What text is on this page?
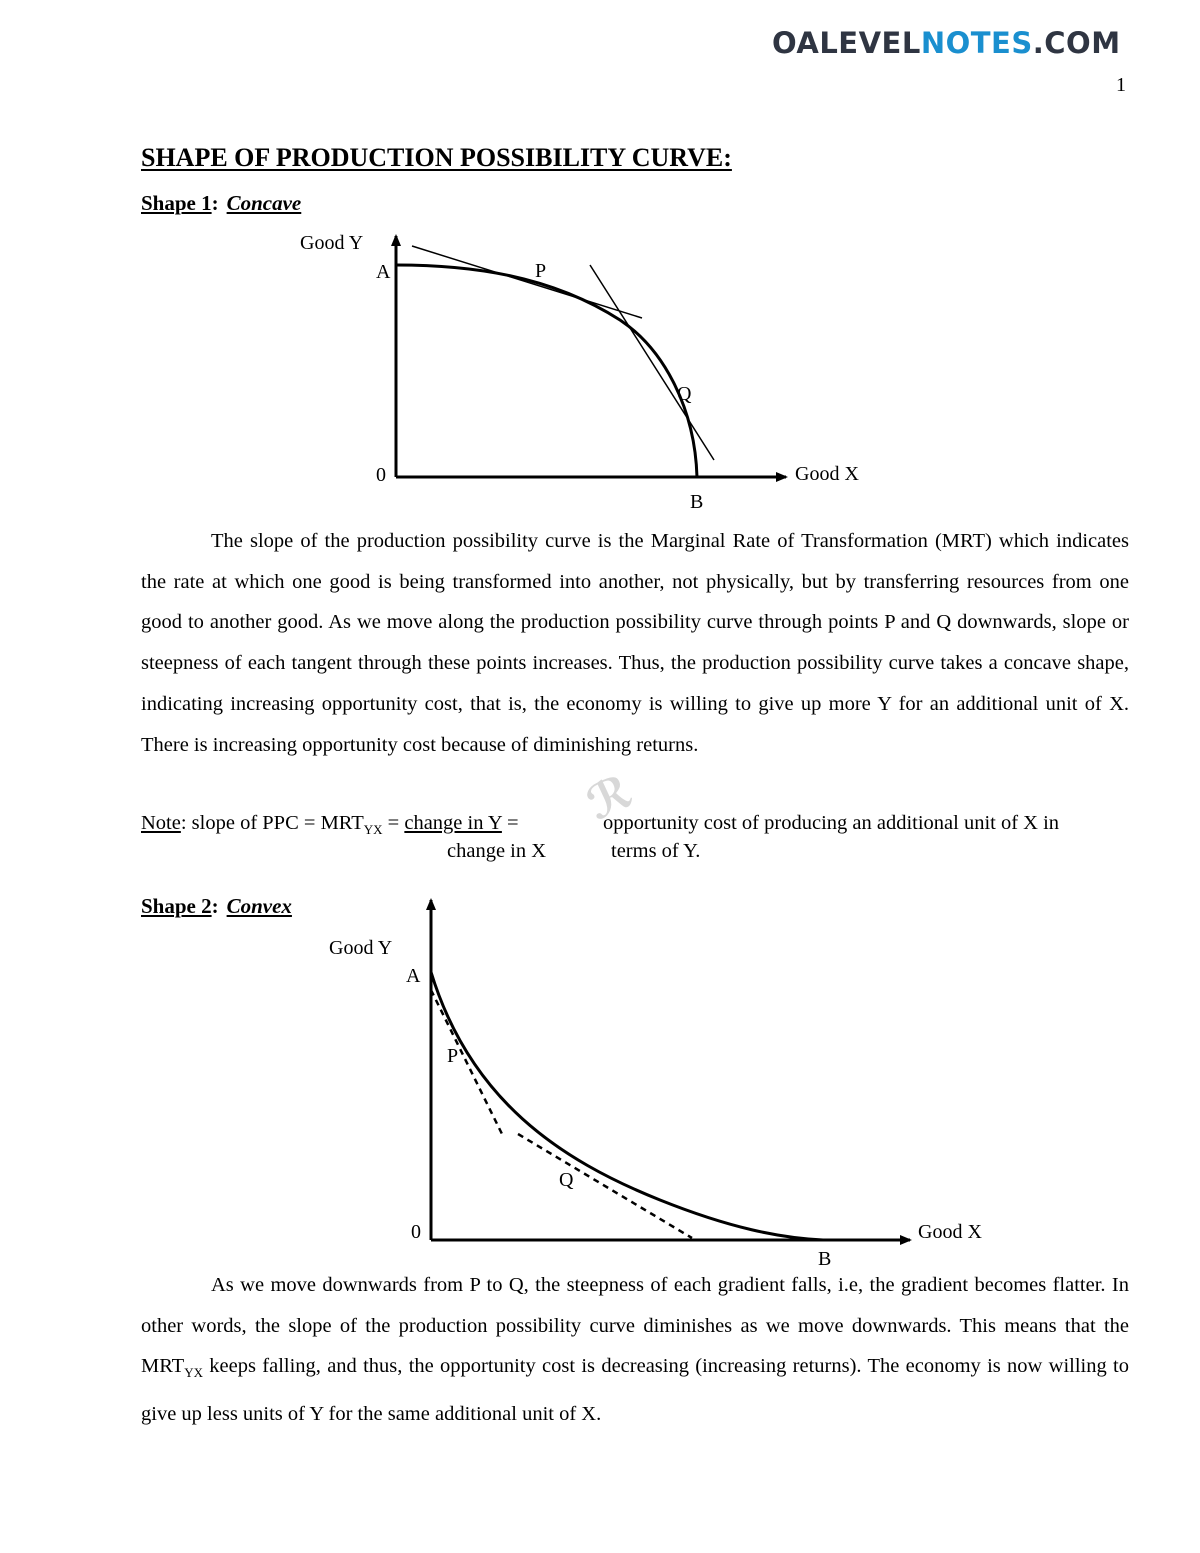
OALEVELNOTES.COM
1
SHAPE OF PRODUCTION POSSIBILITY CURVE:
Shape 1: Concave
Good Y
A	P
Q
0	Good X
B
Good Y
A
P
Q
0	Good X
B
ℛ
The slope of the production possibility curve is the Marginal Rate of Transformation (MRT) which indicates the rate at which one good is being transformed into another, not physically, but by transferring resources from one good to another good. As we move along the production possibility curve through points P and Q downwards, slope or steepness of each tangent through these points increases. Thus, the production possibility curve takes a concave shape, indicating increasing opportunity cost, that is, the economy is willing to give up more Y for an additional unit of X. There is increasing opportunity cost because of diminishing returns.
Note: slope of PPC = $MRT_{YX}$ = change in Y =
change in X
opportunity cost of producing an additional unit of X in
terms of Y.
Shape 2: Convex
As we move downwards from P to Q, the steepness of each gradient falls, i.e, the gradient becomes flatter. In other words, the slope of the production possibility curve diminishes as we move downwards. This means that the $MRT_{YX}$ keeps falling, and thus, the opportunity cost is decreasing (increasing returns). The economy is now willing to give up less units of Y for the same additional unit of X.
